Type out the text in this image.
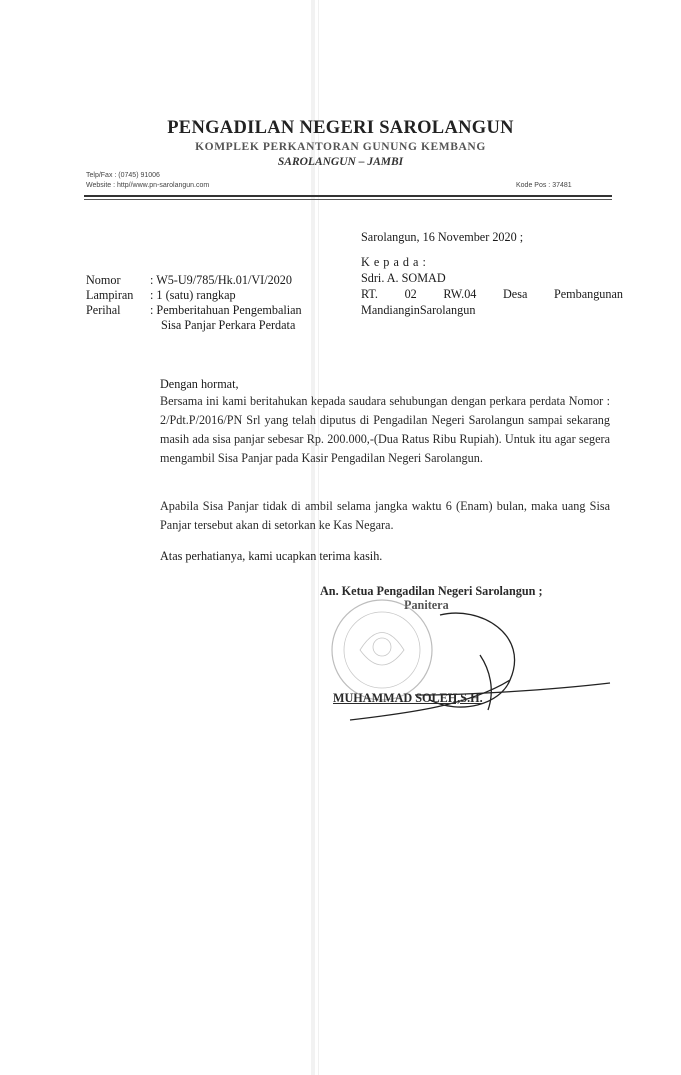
PENGADILAN NEGERI SAROLANGUN
KOMPLEK PERKANTORAN GUNUNG KEMBANG
SAROLANGUN – JAMBI
Telp/Fax : (0745) 91006
Website : http//www.pn-sarolangun.com	Kode Pos : 37481
Sarolangun, 16 November 2020 ;
K e p a d a :
Sdri. A. SOMAD
RT. 02 RW.04 Desa Pembangunan
MandianginSarolangun
Nomor : W5-U9/785/Hk.01/VI/2020
Lampiran : 1 (satu) rangkap
Perihal : Pemberitahuan Pengembalian
Sisa Panjar Perkara Perdata
Dengan hormat,
Bersama ini kami beritahukan kepada saudara sehubungan dengan perkara perdata Nomor : 2/Pdt.P/2016/PN Srl yang telah diputus di Pengadilan Negeri Sarolangun sampai sekarang masih ada sisa panjar sebesar Rp. 200.000,-(Dua Ratus Ribu Rupiah). Untuk itu agar segera mengambil Sisa Panjar pada Kasir Pengadilan Negeri Sarolangun.
Apabila Sisa Panjar tidak di ambil selama jangka waktu 6 (Enam) bulan, maka uang Sisa Panjar tersebut akan di setorkan ke Kas Negara.
Atas perhatianya, kami ucapkan terima kasih.
An. Ketua Pengadilan Negeri Sarolangun ;
Panitera
MUHAMMAD SOLEH,S.H.
